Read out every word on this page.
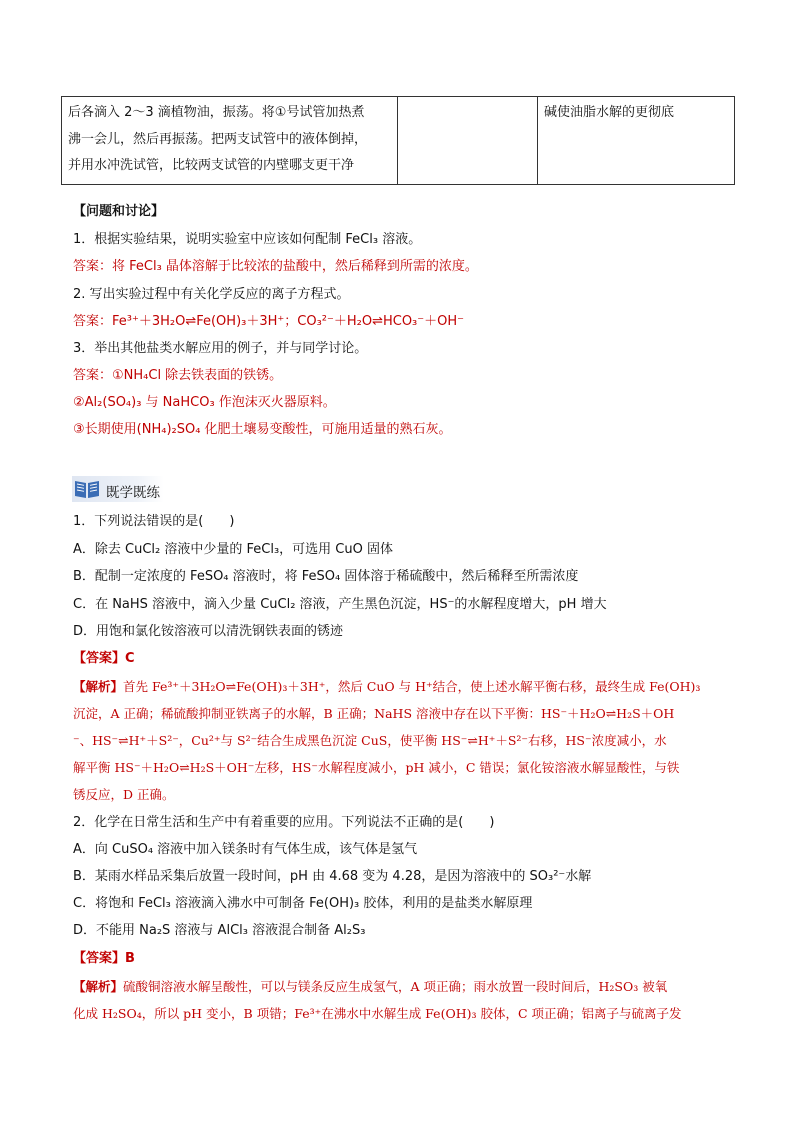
后各滴入 2～3 滴植物油，振荡。将①号试管加热煮
沸一会儿，然后再振荡。把两支试管中的液体倒掉，
并用水冲洗试管，比较两支试管的内壁哪支更干净
		碱使油脂水解的更彻底
【问题和讨论】
1．根据实验结果，说明实验室中应该如何配制 FeCl₃ 溶液。
答案：将 FeCl₃ 晶体溶解于比较浓的盐酸中，然后稀释到所需的浓度。
2. 写出实验过程中有关化学反应的离子方程式。
答案：Fe³⁺＋3H₂O⇌Fe(OH)₃＋3H⁺；CO₃²⁻＋H₂O⇌HCO₃⁻＋OH⁻
3．举出其他盐类水解应用的例子，并与同学讨论。
答案：①NH₄Cl 除去铁表面的铁锈。
②Al₂(SO₄)₃ 与 NaHCO₃ 作泡沫灭火器原料。
③长期使用(NH₄)₂SO₄ 化肥土壤易变酸性，可施用适量的熟石灰。
既学既练
1．下列说法错误的是(　　)
A．除去 CuCl₂ 溶液中少量的 FeCl₃，可选用 CuO 固体
B．配制一定浓度的 FeSO₄ 溶液时，将 FeSO₄ 固体溶于稀硫酸中，然后稀释至所需浓度
C．在 NaHS 溶液中，滴入少量 CuCl₂ 溶液，产生黑色沉淀，HS⁻的水解程度增大，pH 增大
D．用饱和氯化铵溶液可以清洗钢铁表面的锈迹
【答案】C
【解析】首先 Fe³⁺＋3H₂O⇌Fe(OH)₃＋3H⁺，然后 CuO 与 H⁺结合，使上述水解平衡右移，最终生成 Fe(OH)₃
沉淀，A 正确；稀硫酸抑制亚铁离子的水解，B 正确；NaHS 溶液中存在以下平衡：HS⁻＋H₂O⇌H₂S＋OH
⁻、HS⁻⇌H⁺＋S²⁻，Cu²⁺与 S²⁻结合生成黑色沉淀 CuS，使平衡 HS⁻⇌H⁺＋S²⁻右移，HS⁻浓度减小，水
解平衡 HS⁻＋H₂O⇌H₂S＋OH⁻左移，HS⁻水解程度减小，pH 减小，C 错误；氯化铵溶液水解显酸性，与铁
锈反应，D 正确。
2．化学在日常生活和生产中有着重要的应用。下列说法不正确的是(　　)
A．向 CuSO₄ 溶液中加入镁条时有气体生成，该气体是氢气
B．某雨水样品采集后放置一段时间，pH 由 4.68 变为 4.28，是因为溶液中的 SO₃²⁻水解
C．将饱和 FeCl₃ 溶液滴入沸水中可制备 Fe(OH)₃ 胶体，利用的是盐类水解原理
D．不能用 Na₂S 溶液与 AlCl₃ 溶液混合制备 Al₂S₃
【答案】B
【解析】硫酸铜溶液水解呈酸性，可以与镁条反应生成氢气，A 项正确；雨水放置一段时间后，H₂SO₃ 被氧
化成 H₂SO₄，所以 pH 变小，B 项错；Fe³⁺在沸水中水解生成 Fe(OH)₃ 胶体，C 项正确；铝离子与硫离子发
